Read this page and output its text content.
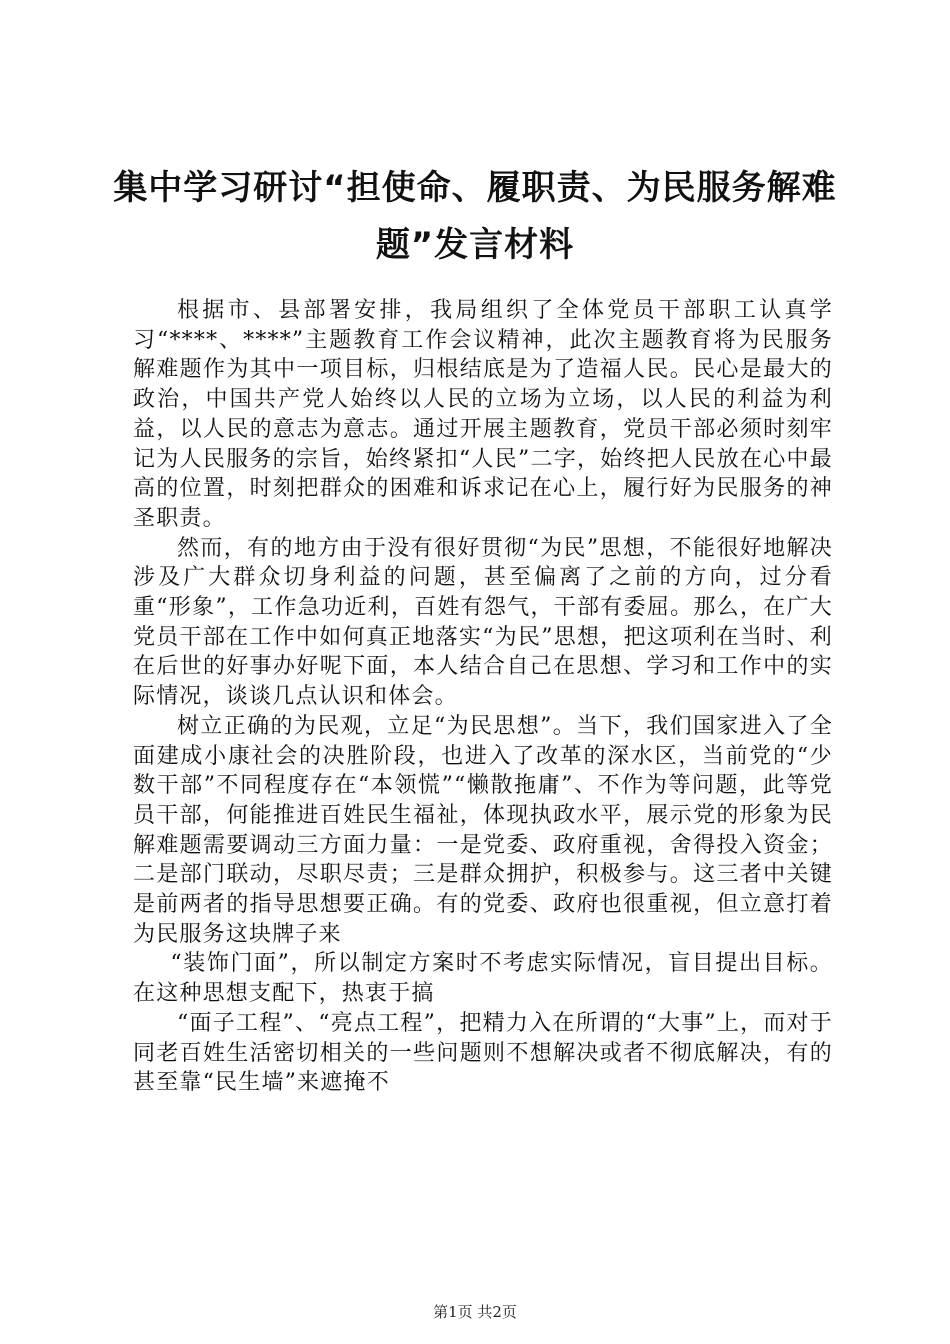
集中学习研讨“担使命、履职责、为民服务解难题”发言材料

根据市、县部署安排，我局组织了全体党员干部职工认真学习“****、****”主题教育工作会议精神，此次主题教育将为民服务解难题作为其中一项目标，归根结底是为了造福人民。民心是最大的政治，中国共产党人始终以人民的立场为立场，以人民的利益为利益，以人民的意志为意志。通过开展主题教育，党员干部必须时刻牢记为人民服务的宗旨，始终紧扣“人民”二字，始终把人民放在心中最高的位置，时刻把群众的困难和诉求记在心上，履行好为民服务的神圣职责。

然而，有的地方由于没有很好贯彻“为民”思想，不能很好地解决涉及广大群众切身利益的问题，甚至偏离了之前的方向，过分看重“形象”，工作急功近利，百姓有怨气，干部有委屈。那么，在广大党员干部在工作中如何真正地落实“为民”思想，把这项利在当时、利在后世的好事办好呢下面，本人结合自己在思想、学习和工作中的实际情况，谈谈几点认识和体会。

树立正确的为民观，立足“为民思想”。当下，我们国家进入了全面建成小康社会的决胜阶段，也进入了改革的深水区，当前党的“少数干部”不同程度存在“本领慌”“懒散拖庸”、不作为等问题，此等党员干部，何能推进百姓民生福祉，体现执政水平，展示党的形象为民解难题需要调动三方面力量：一是党委、政府重视，舍得投入资金；二是部门联动，尽职尽责；三是群众拥护，积极参与。这三者中关键是前两者的指导思想要正确。有的党委、政府也很重视，但立意打着为民服务这块牌子来

“装饰门面”，所以制定方案时不考虑实际情况，盲目提出目标。在这种思想支配下，热衷于搞

“面子工程”、“亮点工程”，把精力入在所谓的“大事”上，而对于同老百姓生活密切相关的一些问题则不想解决或者不彻底解决，有的甚至靠“民生墙”来遮掩不

第1页 共2页
